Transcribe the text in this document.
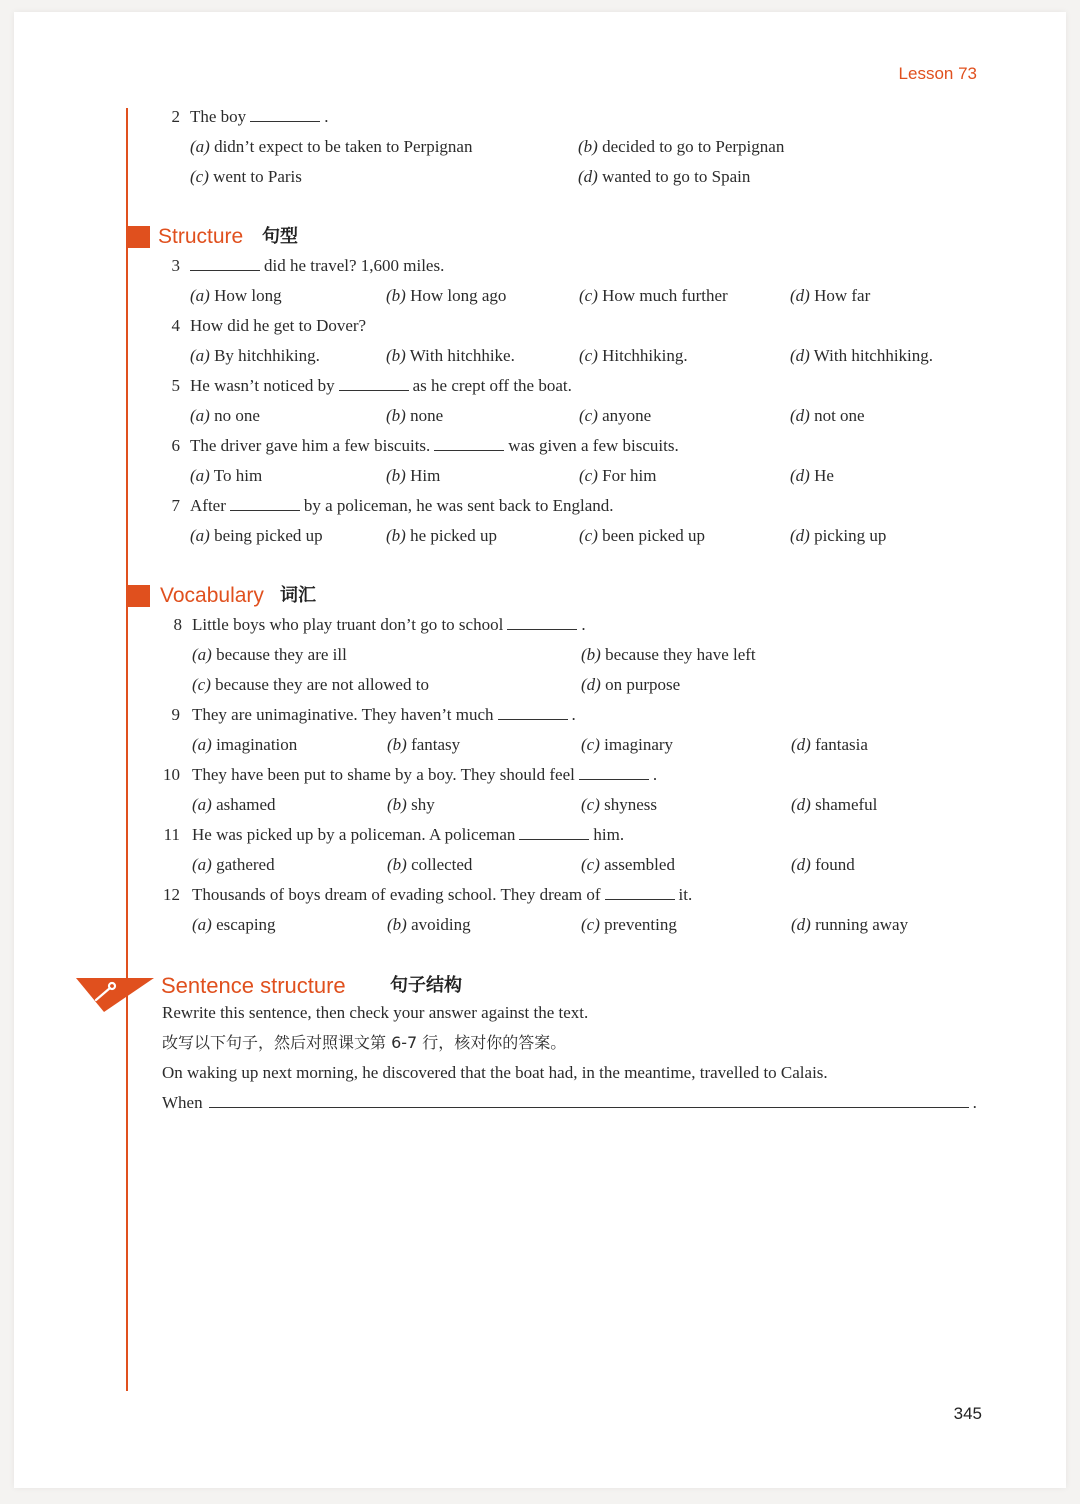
Lesson 73
2 The boy	.
(a) didn’t expect to be taken to Perpignan	(b) decided to go to Perpignan
(c) went to Paris	(d) wanted to go to Spain
Structure 句型
3	did he travel? 1,600 miles.
(a) How long	(b) How long ago	(c) How much further	(d) How far
4 How did he get to Dover?
(a) By hitchhiking.	(b) With hitchhike.	(c) Hitchhiking.	(d) With hitchhiking.
5 He wasn’t noticed by	as he crept off the boat.
(a) no one	(b) none	(c) anyone	(d) not one
6 The driver gave him a few biscuits.	was given a few biscuits.
(a) To him	(b) Him	(c) For him	(d) He
7 After	by a policeman, he was sent back to England.
(a) being picked up	(b) he picked up	(c) been picked up	(d) picking up
Vocabulary 词汇
8 Little boys who play truant don’t go to school	.
(a) because they are ill	(b) because they have left
(c) because they are not allowed to	(d) on purpose
9 They are unimaginative. They haven’t much	.
(a) imagination	(b) fantasy	(c) imaginary	(d) fantasia
10 They have been put to shame by a boy. They should feel	.
(a) ashamed	(b) shy	(c) shyness	(d) shameful
11 He was picked up by a policeman. A policeman	him.
(a) gathered	(b) collected	(c) assembled	(d) found
12 Thousands of boys dream of evading school. They dream of	it.
(a) escaping	(b) avoiding	(c) preventing	(d) running away
Sentence structure 句子结构
Rewrite this sentence, then check your answer against the text.
改写以下句子，然后对照课文第 6-7 行，核对你的答案。
On waking up next morning, he discovered that the boat had, in the meantime, travelled to Calais.
When	.
345
